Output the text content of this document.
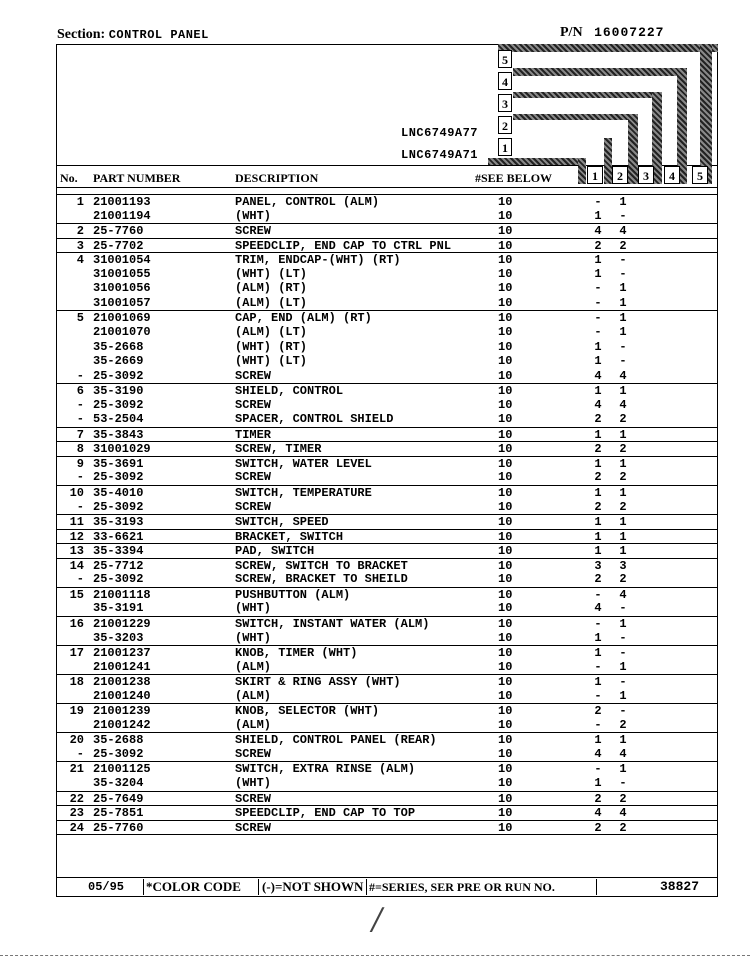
Section: CONTROL PANEL	P/N 16007227
LNC6749A77
LNC6749A71
5
4
3
2
1
No. PART NUMBER	DESCRIPTION	#SEE BELOW	1	2	3	4	5
1 21001193	PANEL, CONTROL (ALM)	10	-	1
21001194	(WHT)	10	1	-
2 25-7760	SCREW	10	4	4
3 25-7702	SPEEDCLIP, END CAP TO CTRL PNL	10	2	2
4 31001054	TRIM, ENDCAP-(WHT) (RT)	10	1	-
31001055	(WHT) (LT)	10	1	-
31001056	(ALM) (RT)	10	-	1
31001057	(ALM) (LT)	10	-	1
5 21001069	CAP, END (ALM) (RT)	10	-	1
21001070	(ALM) (LT)	10	-	1
35-2668	(WHT) (RT)	10	1	-
35-2669	(WHT) (LT)	10	1	-
- 25-3092	SCREW	10	4	4
6 35-3190	SHIELD, CONTROL	10	1	1
- 25-3092	SCREW	10	4	4
- 53-2504	SPACER, CONTROL SHIELD	10	2	2
7 35-3843	TIMER	10	1	1
8 31001029	SCREW, TIMER	10	2	2
9 35-3691	SWITCH, WATER LEVEL	10	1	1
- 25-3092	SCREW	10	2	2
10 35-4010	SWITCH, TEMPERATURE	10	1	1
- 25-3092	SCREW	10	2	2
11 35-3193	SWITCH, SPEED	10	1	1
12 33-6621	BRACKET, SWITCH	10	1	1
13 35-3394	PAD, SWITCH	10	1	1
14 25-7712	SCREW, SWITCH TO BRACKET	10	3	3
- 25-3092	SCREW, BRACKET TO SHEILD	10	2	2
15 21001118	PUSHBUTTON (ALM)	10	-	4
35-3191	(WHT)	10	4	-
16 21001229	SWITCH, INSTANT WATER (ALM)	10	-	1
35-3203	(WHT)	10	1	-
17 21001237	KNOB, TIMER (WHT)	10	1	-
21001241	(ALM)	10	-	1
18 21001238	SKIRT & RING ASSY (WHT)	10	1	-
21001240	(ALM)	10	-	1
19 21001239	KNOB, SELECTOR (WHT)	10	2	-
21001242	(ALM)	10	-	2
20 35-2688	SHIELD, CONTROL PANEL (REAR)	10	1	1
- 25-3092	SCREW	10	4	4
21 21001125	SWITCH, EXTRA RINSE (ALM)	10	-	1
35-3204	(WHT)	10	1	-
22 25-7649	SCREW	10	2	2
23 25-7851	SPEEDCLIP, END CAP TO TOP	10	4	4
24 25-7760	SCREW	10	2	2
05/95 *COLOR CODE (-)=NOT SHOWN #=SERIES, SER PRE OR RUN NO.	38827
/
